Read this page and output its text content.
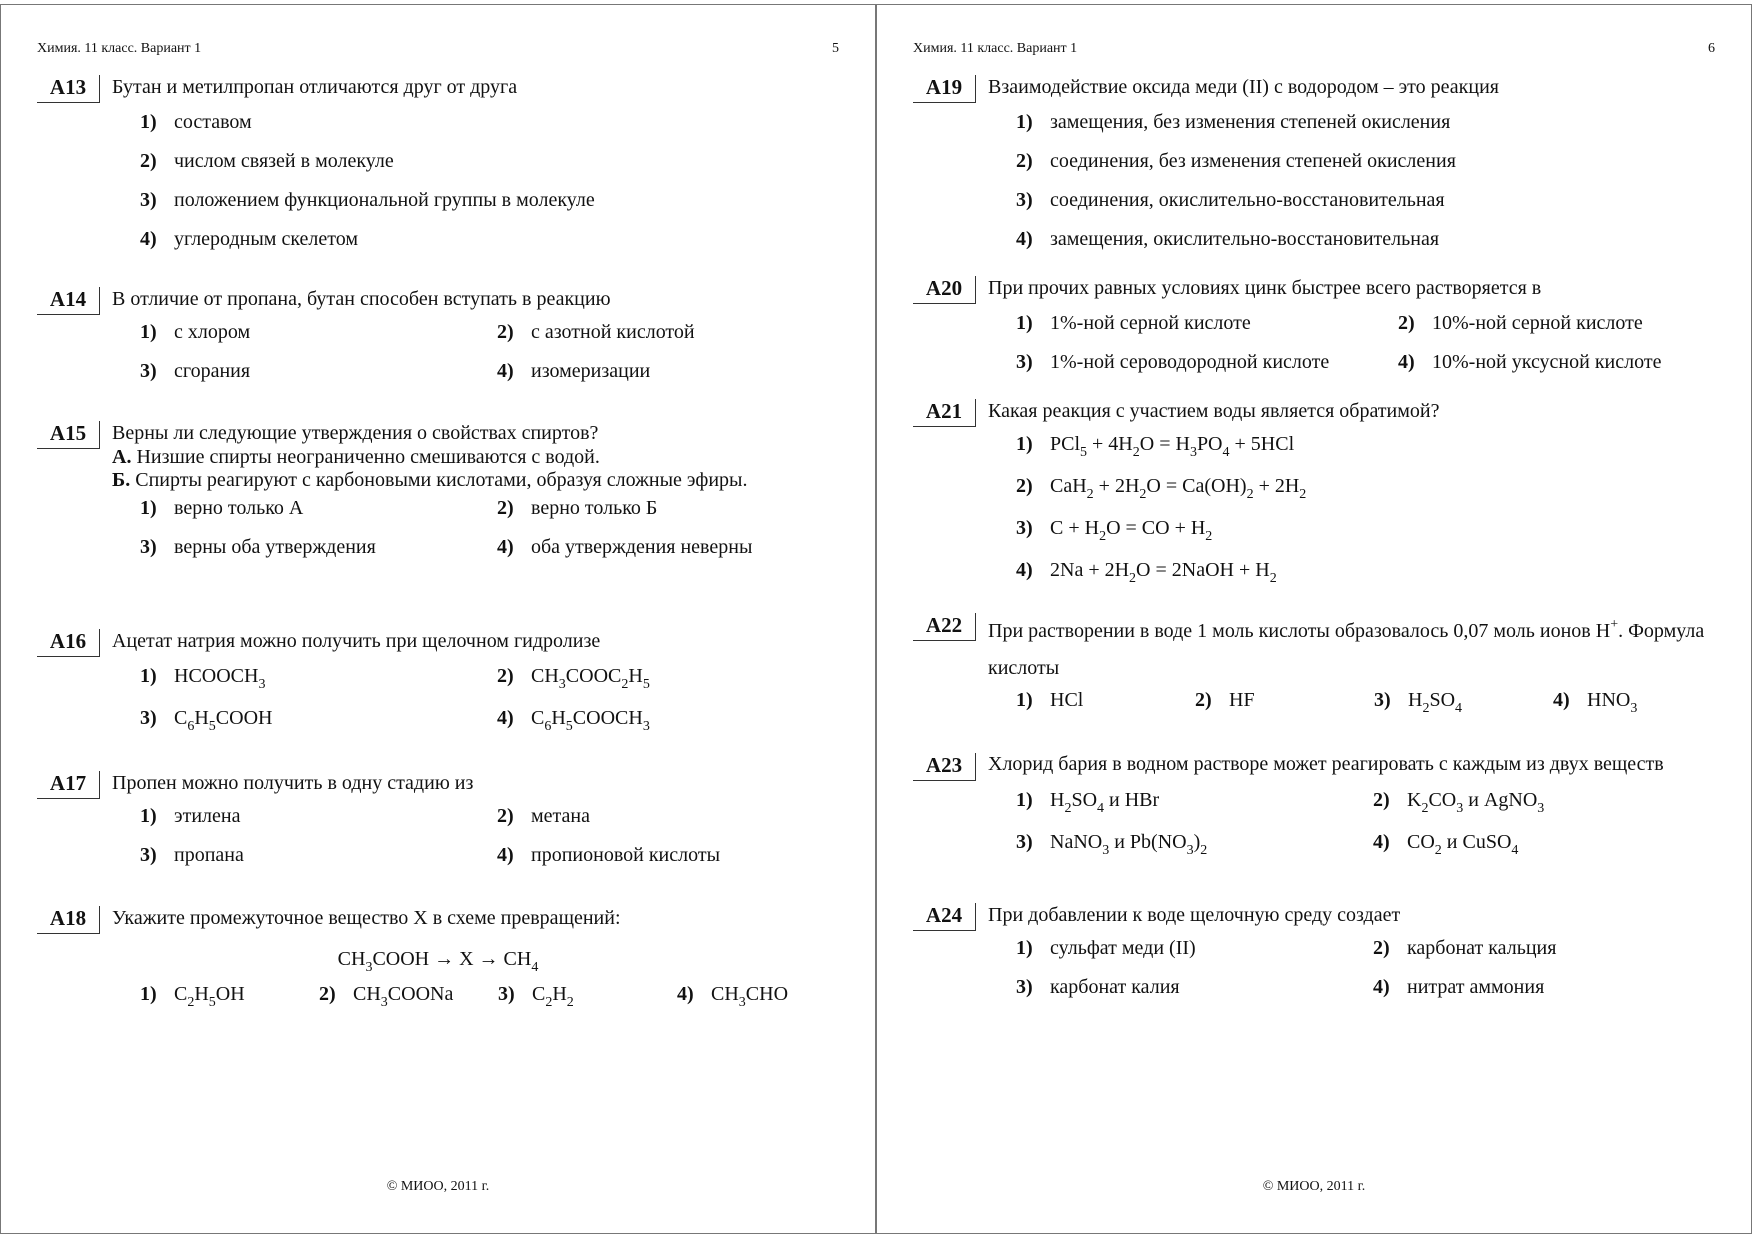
Химия. 11 класс. Вариант 1	5
A13	Бутан и метилпропан отличаются друг от друга
1) составом
2) числом связей в молекуле
3) положением функциональной группы в молекуле
4) углеродным скелетом
A14	В отличие от пропана, бутан способен вступать в реакцию
1) с хлором	2) с азотной кислотой
3) сгорания	4) изомеризации
A15	Верны ли следующие утверждения о свойствах спиртов?
А. Низшие спирты неограниченно смешиваются с водой.
Б. Спирты реагируют с карбоновыми кислотами, образуя сложные эфиры.
1) верно только А	2) верно только Б
3) верны оба утверждения	4) оба утверждения неверны
A16	Ацетат натрия можно получить при щелочном гидролизе
1) $HCOOCH_3$	2) $CH_3COOC_2H_5$
3) $C_6H_5COOH$	4) $C_6H_5COOCH_3$
A17	Пропен можно получить в одну стадию из
1) этилена	2) метана
3) пропана	4) пропионовой кислоты
A18	Укажите промежуточное вещество X в схеме превращений:
$CH_3COOH \to X \to CH_4$
1) $C_2H_5OH$	2) $CH_3COONa$ 3) $C_2H_2$	4) $CH_3CHO$
© МИОО, 2011 г.
Химия. 11 класс. Вариант 1	6
A19	Взаимодействие оксида меди (II) с водородом – это реакция
1) замещения, без изменения степеней окисления
2) соединения, без изменения степеней окисления
3) соединения, окислительно-восстановительная
4) замещения, окислительно-восстановительная
A20	При прочих равных условиях цинк быстрее всего растворяется в
1) 1%-ной серной кислоте	2) 10%-ной серной кислоте
3) 1%-ной сероводородной кислоте	4) 10%-ной уксусной кислоте
A21	Какая реакция с участием воды является обратимой?
1) $PCl_5 + 4H_2O = H_3PO_4 + 5HCl$
2) $CaH_2 + 2H_2O = Ca(OH)_2 + 2H_2$
3) $C + H_2O$ = CO + $H_2$
4) $2Na + 2H_2O$ = 2NaOH + $H_2$
A22	При растворении в воде 1 моль кислоты образовалось 0,07 моль ионов H+. Формула кислоты
1) HCl	2) HF	3) $H_2SO_4$	4) $HNO_3$
A23	Хлорид бария в водном растворе может реагировать с каждым из двух веществ
1) $H_2SO_4$ и HBr	2) $K_2CO_3$ и AgNO$_3$
3) NaNO$_3$ и $Pb(NO_3)_2$	4) $CO_2$ и CuSO$_4$
A24	При добавлении к воде щелочную среду создает
1) сульфат меди (II)	2) карбонат кальция
3) карбонат калия	4) нитрат аммония
© МИОО, 2011 г.
